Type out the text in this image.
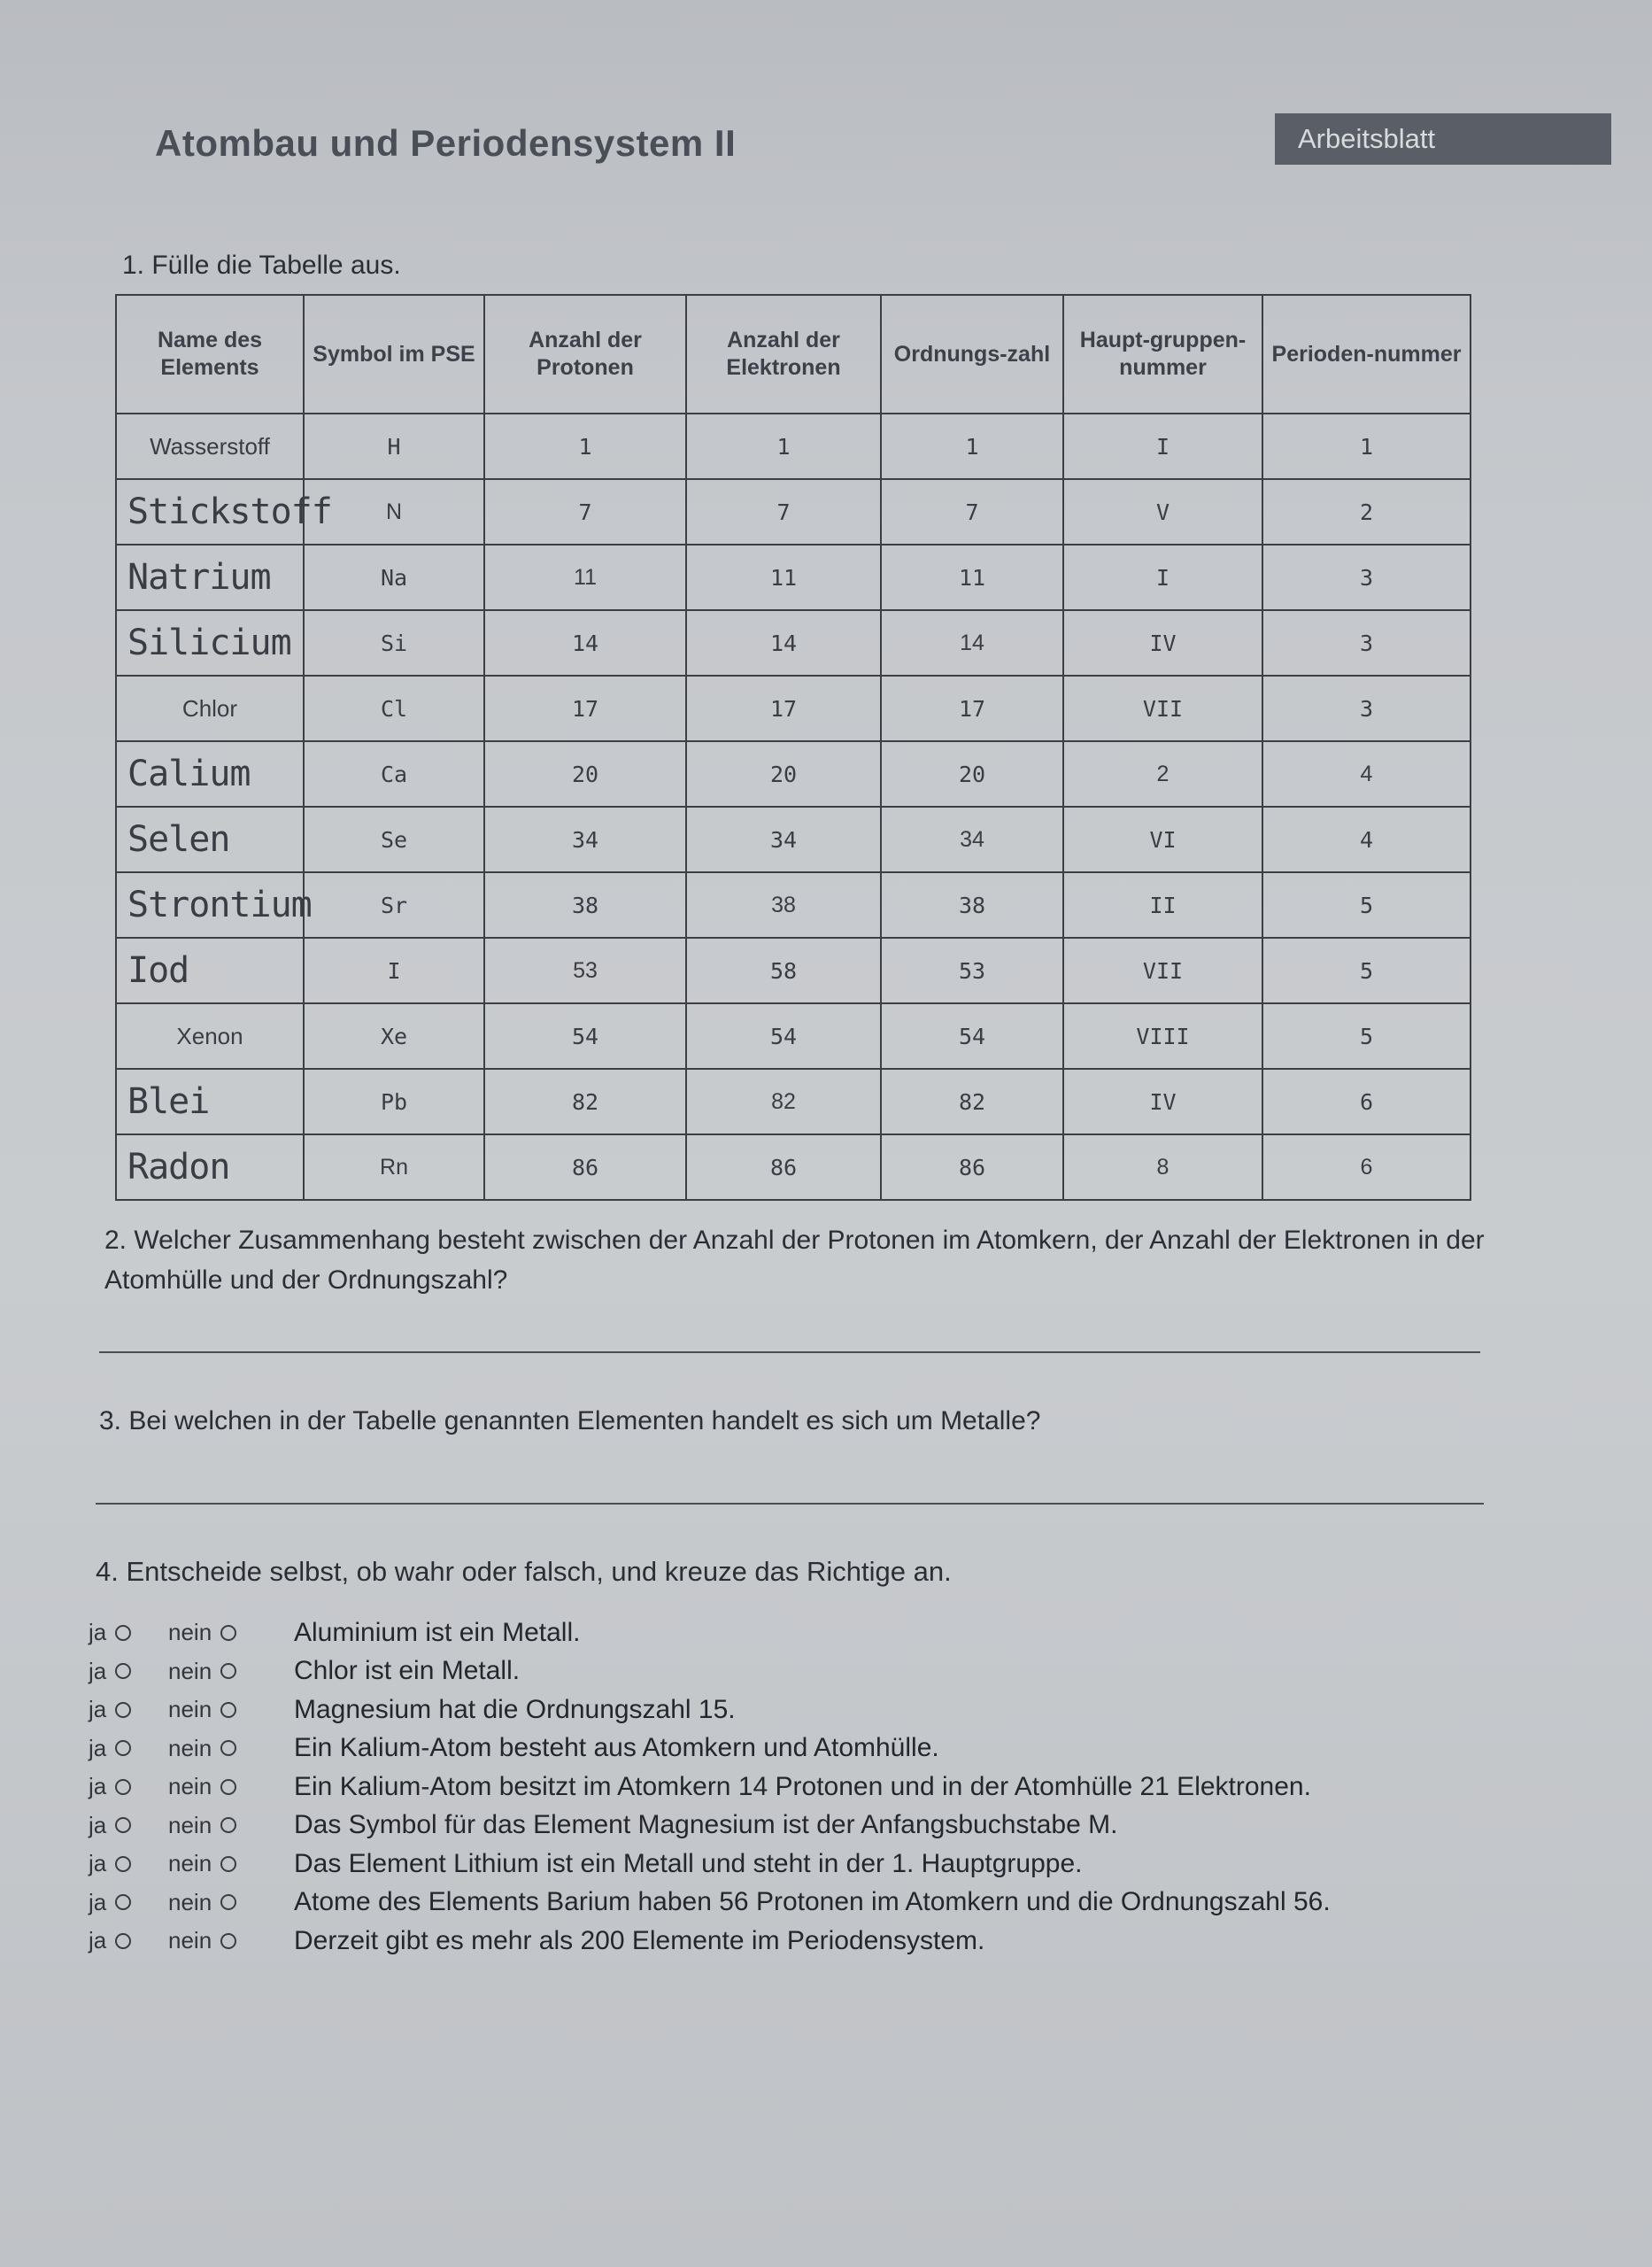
Atombau und Periodensystem II	Arbeitsblatt
1. Fülle die Tabelle aus.
Name des Elements	Symbol im PSE	Anzahl der Protonen	Anzahl der Elektronen	Ordnungs-zahl	Haupt-gruppen-nummer	Perioden-nummer
Wasserstoff	H	1	1	1	I	1
Stickstoff	N	7	7	7	V	2
Natrium	Na	11	11	11	I	3
Silicium	Si	14	14	14	IV	3
Chlor	Cl	17	17	17	VII	3
Calium	Ca	20	20	20	2	4
Selen	Se	34	34	34	VI	4
Strontium	Sr	38	38	38	II	5
Iod	I	53	58	53	VII	5
Xenon	Xe	54	54	54	VIII	5
Blei	Pb	82	82	82	IV	6
Radon	Rn	86	86	86	8	6
2. Welcher Zusammenhang besteht zwischen der Anzahl der Protonen im Atomkern, der Anzahl der Elektronen in der Atomhülle und der Ordnungszahl?
3. Bei welchen in der Tabelle genannten Elementen handelt es sich um Metalle?
4. Entscheide selbst, ob wahr oder falsch, und kreuze das Richtige an.
ja	nein	Aluminium ist ein Metall.
ja	nein	Chlor ist ein Metall.
ja	nein	Magnesium hat die Ordnungszahl 15.
ja	nein	Ein Kalium-Atom besteht aus Atomkern und Atomhülle.
ja	nein	Ein Kalium-Atom besitzt im Atomkern 14 Protonen und in der Atomhülle 21 Elektronen.
ja	nein	Das Symbol für das Element Magnesium ist der Anfangsbuchstabe M.
ja	nein	Das Element Lithium ist ein Metall und steht in der 1. Hauptgruppe.
ja	nein	Atome des Elements Barium haben 56 Protonen im Atomkern und die Ordnungszahl 56.
ja	nein	Derzeit gibt es mehr als 200 Elemente im Periodensystem.
